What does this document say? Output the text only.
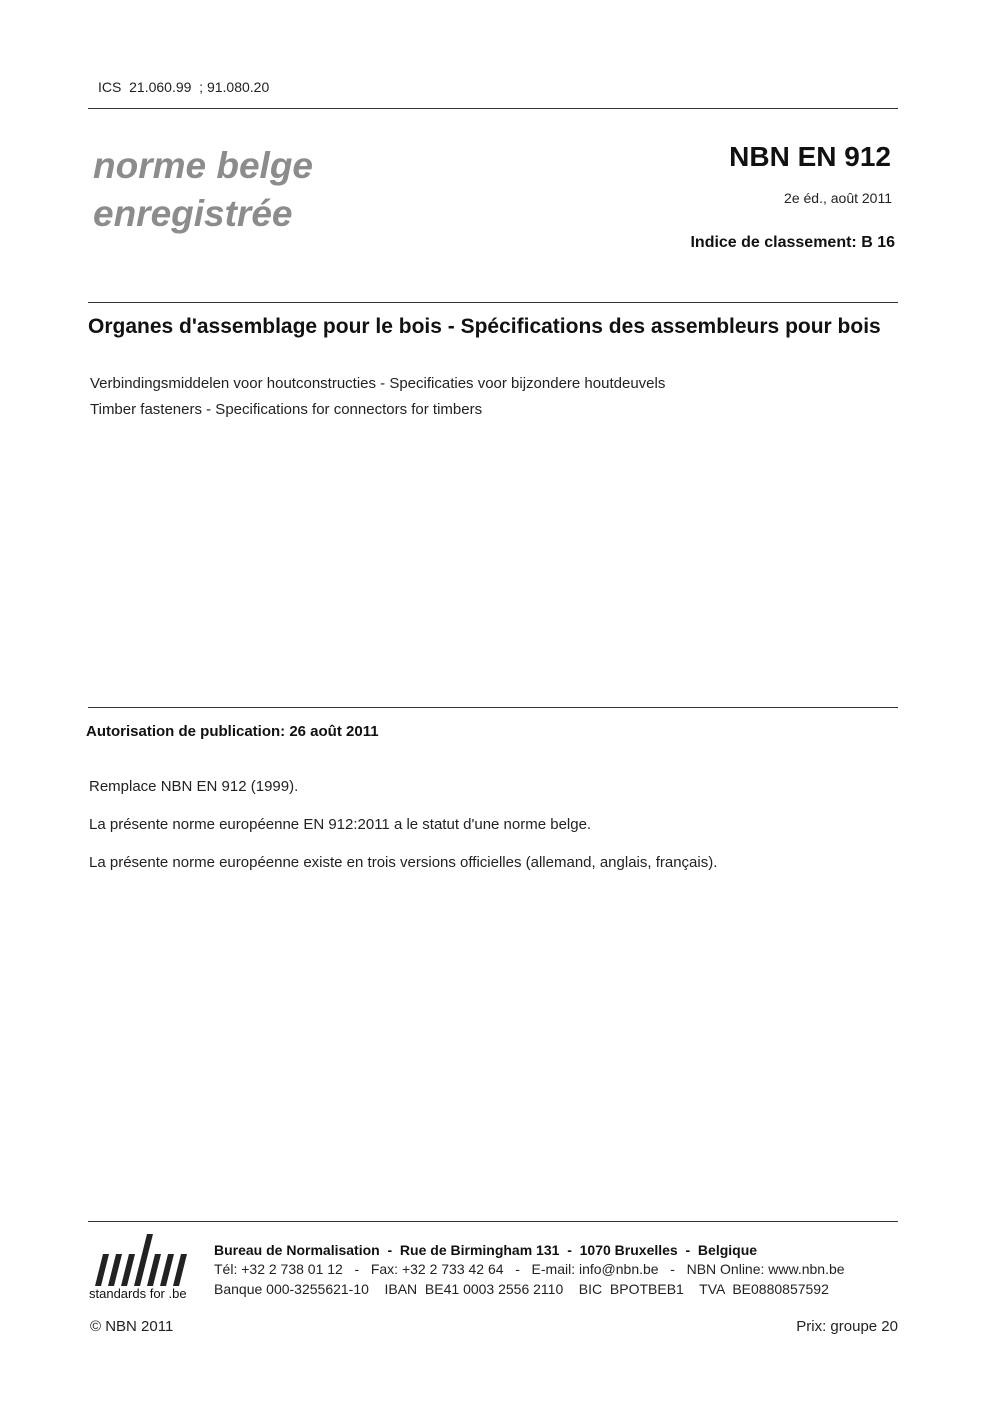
ICS  21.060.99  ; 91.080.20
norme belge
enregistrée
NBN EN 912
2e éd., août 2011
Indice de classement: B 16
Organes d'assemblage pour le bois - Spécifications des assembleurs pour bois
Verbindingsmiddelen voor houtconstructies - Specificaties voor bijzondere houtdeuvels
Timber fasteners - Specifications for connectors for timbers
Autorisation de publication: 26 août 2011
Remplace NBN EN 912 (1999).
La présente norme européenne EN 912:2011 a le statut d'une norme belge.
La présente norme européenne existe en trois versions officielles (allemand, anglais, français).
standards for .be
Bureau de Normalisation  -  Rue de Birmingham 131  -  1070 Bruxelles  -  Belgique
Tél: +32 2 738 01 12   -   Fax: +32 2 733 42 64   -   E-mail: info@nbn.be   -   NBN Online: www.nbn.be
Banque 000-3255621-10    IBAN  BE41 0003 2556 2110    BIC  BPOTBEB1    TVA  BE0880857592
© NBN 2011	Prix: groupe 20
